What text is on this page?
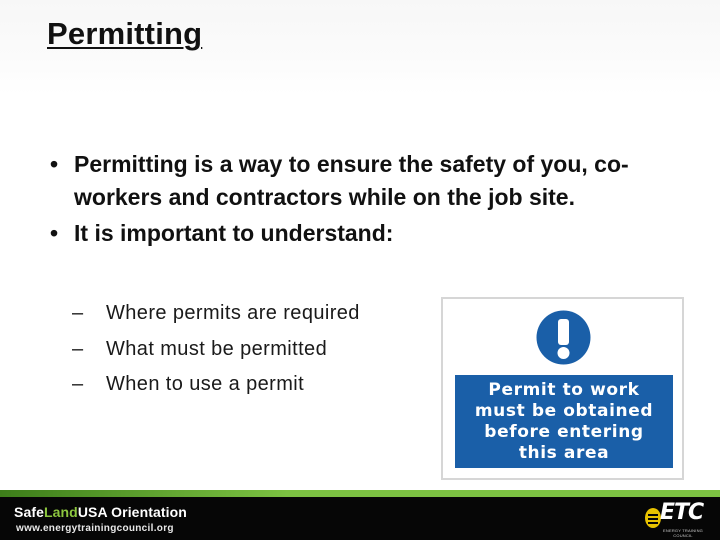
Permitting
• Permitting is a way to ensure the safety of you, co-workers and contractors while on the job site.
• It is important to understand:
– Where permits are required
– What must be permitted
– When to use a permit	Permit to work
must be obtained
before entering
this area
SafeLandUSA Orientation
www.energytrainingcouncil.org
ETC
ENERGY TRAINING COUNCIL
